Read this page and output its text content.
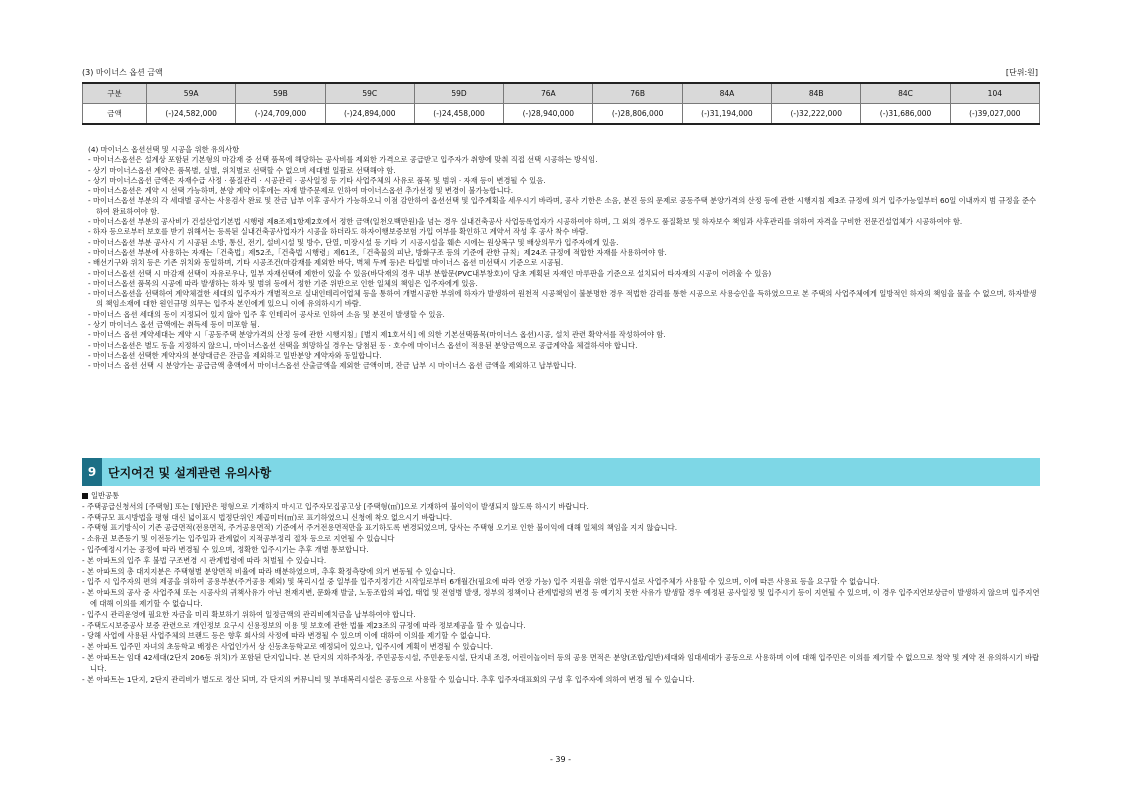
(3) 마이너스 옵션 금액	[단위:원]
구분	59A	59B	59C	59D	76A	76B	84A	84B	84C	104
금액	(-)24,582,000	(-)24,709,000	(-)24,894,000	(-)24,458,000	(-)28,940,000	(-)28,806,000	(-)31,194,000	(-)32,222,000	(-)31,686,000	(-)39,027,000

(4) 마이너스 옵션선택 및 시공을 위한 유의사항

- 마이너스옵션은 설계상 포함된 기본형의 마감재 중 선택 품목에 해당하는 공사비를 제외한 가격으로 공급받고 입주자가 취향에 맞춰 직접 선택 시공하는 방식임.
- 상기 마이너스옵션 계약은 품목별, 실별, 위치별로 선택할 수 없으며 세대별 일괄로 선택해야 함.
- 상기 마이너스옵션 금액은 자재수급 사정 · 품질관리 · 시공관리 · 공사일정 등 기타 사업주체의 사유로 품목 및 범위 · 자재 등이 변경될 수 있음.
- 마이너스옵션은 계약 시 선택 가능하며, 분양 계약 이후에는 자재 발주문제로 인하여 마이너스옵션 추가선정 및 변경이 불가능합니다.
- 마이너스옵션 부분의 각 세대별 공사는 사용검사 완료 및 잔금 납부 이후 공사가 가능하오니 이점 감안하여 옵션선택 및 입주계획을 세우시기 바라며, 공사 기한은 소음, 분진 등의 문제로 공동주택 분양가격의 산정 등에 관한 시행지침 제3조 규정에 의거 입주가능일부터 60일 이내까지 범 규정을 준수하여 완료하여야 함.
- 마이너스옵션 부분의 공사비가 건설산업기본법 시행령 제8조제1항제2호에서 정한 금액(일천오백만원)을 넘는 경우 실내건축공사 사업등록업자가 시공하여야 하며, 그 외의 경우도 품질확보 및 하자보수 책임과 사후관리를 위하여 자격을 구비한 전문건설업체가 시공하여야 함.
- 하자 등으로부터 보호를 받기 위해서는 등록된 실내건축공사업자가 시공을 하더라도 하자이행보증보험 가입 여부를 확인하고 계약서 작성 후 공사 착수 바람.
- 마이너스옵션 부분 공사시 기 시공된 소방, 통신, 전기, 설비시설 및 방수, 단열, 미장시설 등 기타 기 시공시설을 훼손 시에는 원상복구 및 배상의무가 입주자에게 있음.
- 마이너스옵션 부분에 사용하는 자재는「건축법」제52조,「건축법 시행령」제61조,「건축물의 피난, 방화구조 등의 기준에 관한 규칙」제24조 규정에 적합한 자재를 사용하여야 함.
- 배선기구와 위치 등은 기존 위치와 동일하며, 기타 시공조건(마감재를 제외한 바닥, 벽체 두께 등)은 타입별 마이너스 옵션 미선택시 기준으로 시공됨.
- 마이너스옵션 선택 시 마감재 선택이 자유로우나, 일부 자재선택에 제한이 있을 수 있음(바닥재의 경우 내부 분합문(PVC내부창호)이 당초 계획된 자재인 마루판을 기준으로 설치되어 타자재의 시공이 어려울 수 있음)
- 마이너스옵션 품목의 시공에 따라 발생하는 하자 및 범위 등에서 정한 기준 위반으로 인한 일체의 책임은 입주자에게 있음.
- 마이너스옵션을 선택하여 계약체결한 세대의 입주자가 개별적으로 실내인테리어업체 등을 통하여 개별시공한 부위에 하자가 발생하여 원천적 시공책임이 불분명한 경우 적법한 감리를 통한 시공으로 사용승인을 득하였으므로 본 주택의 사업주체에게 일방적인 하자의 책임을 물을 수 없으며, 하자발생의 책임소재에 대한 원인규명 의무는 입주자 본인에게 있으니 이에 유의하시기 바람.
- 마이너스 옵션 세대의 동이 지정되어 있지 않아 입주 후 인테리어 공사로 인하여 소음 및 분진이 발생할 수 있음.
- 상기 마이너스 옵션 금액에는 취득세 등이 미포함 됨.
- 마이너스 옵션 계약세대는 계약 시「공동주택 분양가격의 산정 등에 관한 시행지침」[별지 제1호서식] 에 의한 기본선택품목(마이너스 옵션)시공, 설치 관련 확약서를 작성하여야 함.
- 마이너스옵션은 별도 동을 지정하지 않으니, 마이너스옵션 선택을 희망하실 경우는 당첨된 동 · 호수에 마이너스 옵션이 적용된 분양금액으로 공급계약을 체결하셔야 합니다.
- 마이너스옵션 선택한 계약자의 분양대금은 잔금을 제외하고 일반분양 계약자와 동일합니다.
- 마이너스 옵션 선택 시 분양가는 공급금액 총액에서 마이너스옵션 산출금액을 제외한 금액이며, 잔금 납부 시 마이너스 옵션 금액을 제외하고 납부합니다.
9 단지여건 및 설계관련 유의사항

일반공통

- 주택공급신청서의 [주택형] 또는 [형]란은 평형으로 기재하지 마시고 입주자모집공고상 [주택형(㎡)]으로 기재하여 불이익이 발생되지 않도록 하시기 바랍니다.
- 주택규모 표시방법을 평형 대신 넓이표시 법정단위인 제곱미터(㎡)로 표기하였으니 신청에 착오 없으시기 바랍니다.
- 주택형 표기방식이 기존 공급면적(전용면적, 주거공용면적) 기준에서 주거전용면적만을 표기하도록 변경되었으며, 당사는 주택형 오기로 인한 불이익에 대해 일체의 책임을 지지 않습니다.
- 소유권 보존등기 및 이전등기는 입주일과 관계없이 지적공부정리 절차 등으로 지연될 수 있습니다
- 입주예정시기는 공정에 따라 변경될 수 있으며, 정확한 입주시기는 추후 개별 통보합니다.
- 본 아파트의 입주 후 불법 구조변경 시 관계법령에 따라 처벌될 수 있습니다.
- 본 아파트의 총 대지지분은 주택형별 분양면적 비율에 따라 배분하였으며, 추후 확정측량에 의거 변동될 수 있습니다.
- 입주 시 입주자의 편의 제공을 위하여 공용부분(주거공용 제외) 및 복리시설 중 일부를 입주지정기간 시작일로부터 6개월간(필요에 따라 연장 가능) 입주 지원을 위한 업무시설로 사업주체가 사용할 수 있으며, 이에 따른 사용료 등을 요구할 수 없습니다.
- 본 아파트의 공사 중 사업주체 또는 시공사의 귀책사유가 아닌 천재지변, 문화재 발굴, 노동조합의 파업, 태업 및 전염병 발생, 정부의 정책이나 관계법령의 변경 등 예기치 못한 사유가 발생할 경우 예정된 공사일정 및 입주시기 등이 지연될 수 있으며, 이 경우 입주지연보상금이 발생하지 않으며 입주지연에 대해 이의를 제기할 수 없습니다.
- 입주시 관리운영에 필요한 자금을 미리 확보하기 위하여 일정금액의 관리비예치금을 납부하여야 합니다.
- 주택도시보증공사 보증 관련으로 개인정보 요구시 신용정보의 이용 및 보호에 관한 법률 제23조의 규정에 따라 정보제공을 할 수 있습니다.
- 당해 사업에 사용된 사업주체의 브랜드 등은 향후 회사의 사정에 따라 변경될 수 있으며 이에 대하여 이의를 제기할 수 없습니다.
- 본 아파트 입주민 자녀의 초등학교 배정은 사업인가서 상 신동초등학교로 예정되어 있으나, 입주시에 계획이 변경될 수 있습니다.
- 본 아파트는 임대 42세대(2단지 206동 위치)가 포함된 단지입니다. 본 단지의 지하주차장, 주민공동시설, 주민운동시설, 단지내 조경, 어린이놀이터 등의 공용 면적은 분양(조합/일반)세대와 임대세대가 공동으로 사용하며 이에 대해 입주민은 이의를 제기할 수 없으므로 청약 및 계약 전 유의하시기 바랍니다.
- 본 아파트는 1단지, 2단지 관리비가 별도로 정산 되며, 각 단지의 커뮤니티 및 부대복리시설은 공동으로 사용할 수 있습니다. 추후 입주자대표회의 구성 후 입주자에 의하여 변경 될 수 있습니다.
- 39 -
